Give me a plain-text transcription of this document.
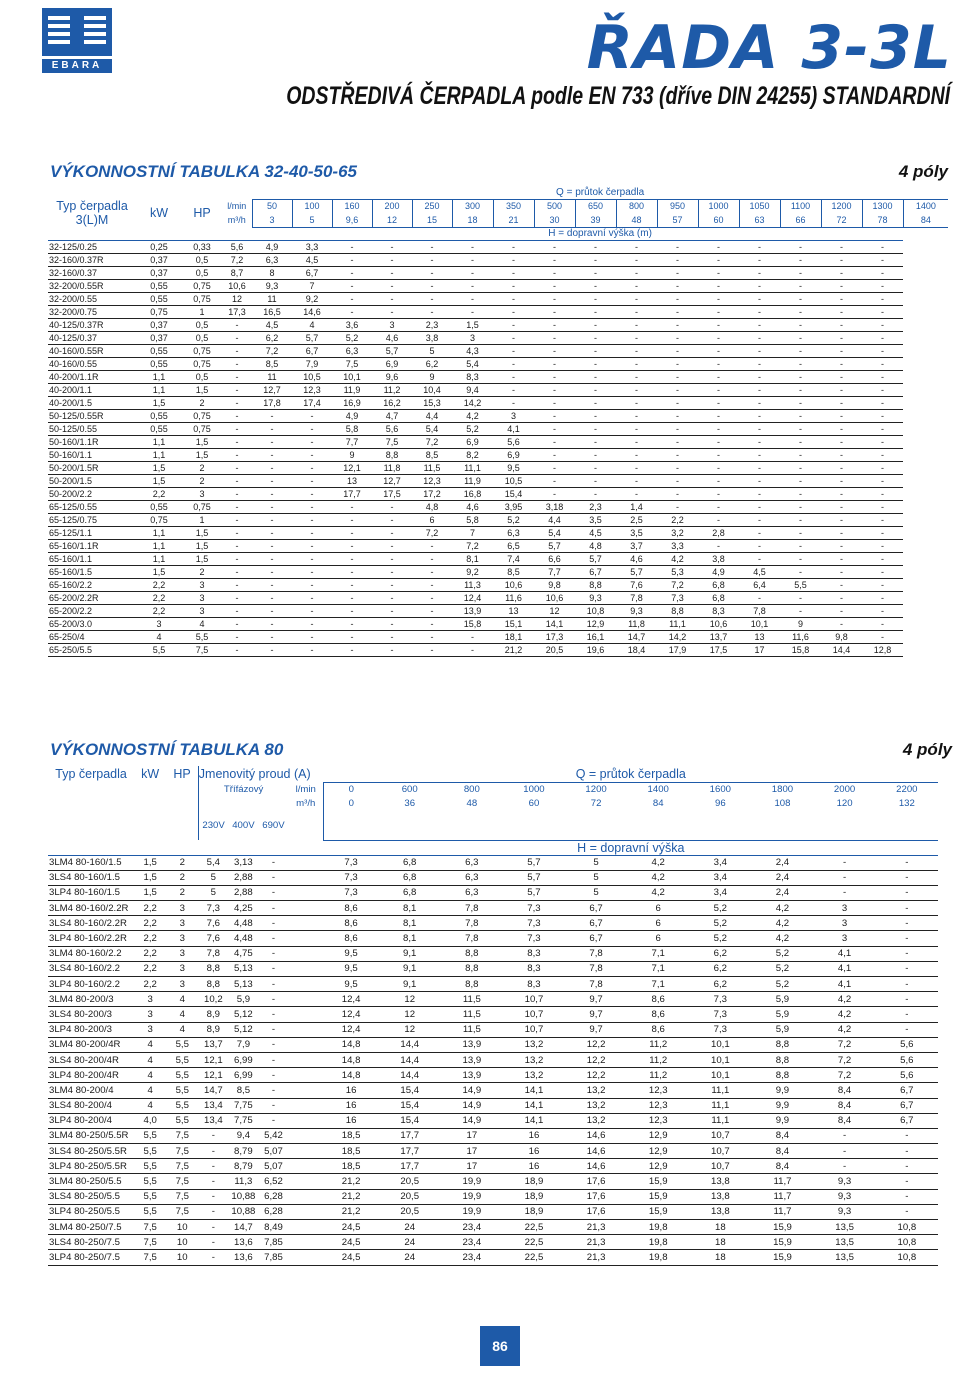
EBARA	ŘADA 3-3L
ODSTŘEDIVÁ ČERPADLA podle EN 733 (dříve DIN 24255) STANDARDNÍ
VÝKONNOSTNÍ TABULKA 32-40-50-65	4 póly
				Q = průtok čerpadla																
Typ čerpadla	kW	HP	l/min	50	100	160	200	250	300	350	500	650	800	950	1000	1050	1100	1200	1300	1400
3(L)M			m³/h	3	5	9,6	12	15	18	21	30	39	48	57	60	63	66	72	78	84
				H = dopravní výška (m)																
32-125/0.25	0,25	0,33	5,6	4,9	3,3	-	-	-	-	-	-	-	-	-	-	-	-	-	-	
32-160/0.37R	0,37	0,5	7,2	6,3	4,5	-	-	-	-	-	-	-	-	-	-	-	-	-	-	
32-160/0.37	0,37	0,5	8,7	8	6,7	-	-	-	-	-	-	-	-	-	-	-	-	-	-	
32-200/0.55R	0,55	0,75	10,6	9,3	7	-	-	-	-	-	-	-	-	-	-	-	-	-	-	
32-200/0.55	0,55	0,75	12	11	9,2	-	-	-	-	-	-	-	-	-	-	-	-	-	-	
32-200/0.75	0,75	1	17,3	16,5	14,6	-	-	-	-	-	-	-	-	-	-	-	-	-	-	
40-125/0.37R	0,37	0,5	-	4,5	4	3,6	3	2,3	1,5	-	-	-	-	-	-	-	-	-	-	
40-125/0.37	0,37	0,5	-	6,2	5,7	5,2	4,6	3,8	3	-	-	-	-	-	-	-	-	-	-	
40-160/0.55R	0,55	0,75	-	7,2	6,7	6,3	5,7	5	4,3	-	-	-	-	-	-	-	-	-	-	
40-160/0.55	0,55	0,75	-	8,5	7,9	7,5	6,9	6,2	5,4	-	-	-	-	-	-	-	-	-	-	
40-200/1.1R	1,1	0,5	-	11	10,5	10,1	9,6	9	8,3	-	-	-	-	-	-	-	-	-	-	
40-200/1.1	1,1	1,5	-	12,7	12,3	11,9	11,2	10,4	9,4	-	-	-	-	-	-	-	-	-	-	
40-200/1.5	1,5	2	-	17,8	17,4	16,9	16,2	15,3	14,2	-	-	-	-	-	-	-	-	-	-	
50-125/0.55R	0,55	0,75	-	-	-	4,9	4,7	4,4	4,2	3	-	-	-	-	-	-	-	-	-	
50-125/0.55	0,55	0,75	-	-	-	5,8	5,6	5,4	5,2	4,1	-	-	-	-	-	-	-	-	-	
50-160/1.1R	1,1	1,5	-	-	-	7,7	7,5	7,2	6,9	5,6	-	-	-	-	-	-	-	-	-	
50-160/1.1	1,1	1,5	-	-	-	9	8,8	8,5	8,2	6,9	-	-	-	-	-	-	-	-	-	
50-200/1.5R	1,5	2	-	-	-	12,1	11,8	11,5	11,1	9,5	-	-	-	-	-	-	-	-	-	
50-200/1.5	1,5	2	-	-	-	13	12,7	12,3	11,9	10,5	-	-	-	-	-	-	-	-	-	
50-200/2.2	2,2	3	-	-	-	17,7	17,5	17,2	16,8	15,4	-	-	-	-	-	-	-	-	-	
65-125/0.55	0,55	0,75	-	-	-	-	-	4,8	4,6	3,95	3,18	2,3	1,4	-	-	-	-	-	-	
65-125/0.75	0,75	1	-	-	-	-	-	6	5,8	5,2	4,4	3,5	2,5	2,2	-	-	-	-	-	
65-125/1.1	1,1	1,5	-	-	-	-	-	7,2	7	6,3	5,4	4,5	3,5	3,2	2,8	-	-	-	-	
65-160/1.1R	1,1	1,5	-	-	-	-	-	-	7,2	6,5	5,7	4,8	3,7	3,3	-	-	-	-	-	
65-160/1.1	1,1	1,5	-	-	-	-	-	-	8,1	7,4	6,6	5,7	4,6	4,2	3,8	-	-	-	-	
65-160/1.5	1,5	2	-	-	-	-	-	-	9,2	8,5	7,7	6,7	5,7	5,3	4,9	4,5	-	-	-	
65-160/2.2	2,2	3	-	-	-	-	-	-	11,3	10,6	9,8	8,8	7,6	7,2	6,8	6,4	5,5	-	-	
65-200/2.2R	2,2	3	-	-	-	-	-	-	12,4	11,6	10,6	9,3	7,8	7,3	6,8	-	-	-	-	
65-200/2.2	2,2	3	-	-	-	-	-	-	13,9	13	12	10,8	9,3	8,8	8,3	7,8	-	-	-	
65-200/3.0	3	4	-	-	-	-	-	-	15,8	15,1	14,1	12,9	11,8	11,1	10,6	10,1	9	-	-	
65-250/4	4	5,5	-	-	-	-	-	-	-	18,1	17,3	16,1	14,7	14,2	13,7	13	11,6	9,8	-	
65-250/5.5	5,5	7,5	-	-	-	-	-	-	-	21,2	20,5	19,6	18,4	17,9	17,5	17	15,8	14,4	12,8	
VÝKONNOSTNÍ TABULKA 80	4 póly
Typ čerpadla	kW	HP	Jmenovitý proud (A)				Q = průtok čerpadla									
			Třífázový			l/min	0	600	800	1000	1200	1400	1600	1800	2000	2200
						m³/h	0	36	48	60	72	84	96	108	120	132
			230V	400V	690V											
							H = dopravní výška									
3LM4 80-160/1.5	1,5	2	5,4	3,13	-		7,3	6,8	6,3	5,7	5	4,2	3,4	2,4	-	-
3LS4 80-160/1.5	1,5	2	5	2,88	-		7,3	6,8	6,3	5,7	5	4,2	3,4	2,4	-	-
3LP4 80-160/1.5	1,5	2	5	2,88	-		7,3	6,8	6,3	5,7	5	4,2	3,4	2,4	-	-
3LM4 80-160/2.2R	2,2	3	7,3	4,25	-		8,6	8,1	7,8	7,3	6,7	6	5,2	4,2	3	-
3LS4 80-160/2.2R	2,2	3	7,6	4,48	-		8,6	8,1	7,8	7,3	6,7	6	5,2	4,2	3	-
3LP4 80-160/2.2R	2,2	3	7,6	4,48	-		8,6	8,1	7,8	7,3	6,7	6	5,2	4,2	3	-
3LM4 80-160/2.2	2,2	3	7,8	4,75	-		9,5	9,1	8,8	8,3	7,8	7,1	6,2	5,2	4,1	-
3LS4 80-160/2.2	2,2	3	8,8	5,13	-		9,5	9,1	8,8	8,3	7,8	7,1	6,2	5,2	4,1	-
3LP4 80-160/2.2	2,2	3	8,8	5,13	-		9,5	9,1	8,8	8,3	7,8	7,1	6,2	5,2	4,1	-
3LM4 80-200/3	3	4	10,2	5,9	-		12,4	12	11,5	10,7	9,7	8,6	7,3	5,9	4,2	-
3LS4 80-200/3	3	4	8,9	5,12	-		12,4	12	11,5	10,7	9,7	8,6	7,3	5,9	4,2	-
3LP4 80-200/3	3	4	8,9	5,12	-		12,4	12	11,5	10,7	9,7	8,6	7,3	5,9	4,2	-
3LM4 80-200/4R	4	5,5	13,7	7,9	-		14,8	14,4	13,9	13,2	12,2	11,2	10,1	8,8	7,2	5,6
3LS4 80-200/4R	4	5,5	12,1	6,99	-		14,8	14,4	13,9	13,2	12,2	11,2	10,1	8,8	7,2	5,6
3LP4 80-200/4R	4	5,5	12,1	6,99	-		14,8	14,4	13,9	13,2	12,2	11,2	10,1	8,8	7,2	5,6
3LM4 80-200/4	4	5,5	14,7	8,5	-		16	15,4	14,9	14,1	13,2	12,3	11,1	9,9	8,4	6,7
3LS4 80-200/4	4	5,5	13,4	7,75	-		16	15,4	14,9	14,1	13,2	12,3	11,1	9,9	8,4	6,7
3LP4 80-200/4	4,0	5,5	13,4	7,75	-		16	15,4	14,9	14,1	13,2	12,3	11,1	9,9	8,4	6,7
3LM4 80-250/5.5R	5,5	7,5	-	9,4	5,42		18,5	17,7	17	16	14,6	12,9	10,7	8,4	-	-
3LS4 80-250/5.5R	5,5	7,5	-	8,79	5,07		18,5	17,7	17	16	14,6	12,9	10,7	8,4	-	-
3LP4 80-250/5.5R	5,5	7,5	-	8,79	5,07		18,5	17,7	17	16	14,6	12,9	10,7	8,4	-	-
3LM4 80-250/5.5	5,5	7,5	-	11,3	6,52		21,2	20,5	19,9	18,9	17,6	15,9	13,8	11,7	9,3	-
3LS4 80-250/5.5	5,5	7,5	-	10,88	6,28		21,2	20,5	19,9	18,9	17,6	15,9	13,8	11,7	9,3	-
3LP4 80-250/5.5	5,5	7,5	-	10,88	6,28		21,2	20,5	19,9	18,9	17,6	15,9	13,8	11,7	9,3	-
3LM4 80-250/7.5	7,5	10	-	14,7	8,49		24,5	24	23,4	22,5	21,3	19,8	18	15,9	13,5	10,8
3LS4 80-250/7.5	7,5	10	-	13,6	7,85		24,5	24	23,4	22,5	21,3	19,8	18	15,9	13,5	10,8
3LP4 80-250/7.5	7,5	10	-	13,6	7,85		24,5	24	23,4	22,5	21,3	19,8	18	15,9	13,5	10,8
86
